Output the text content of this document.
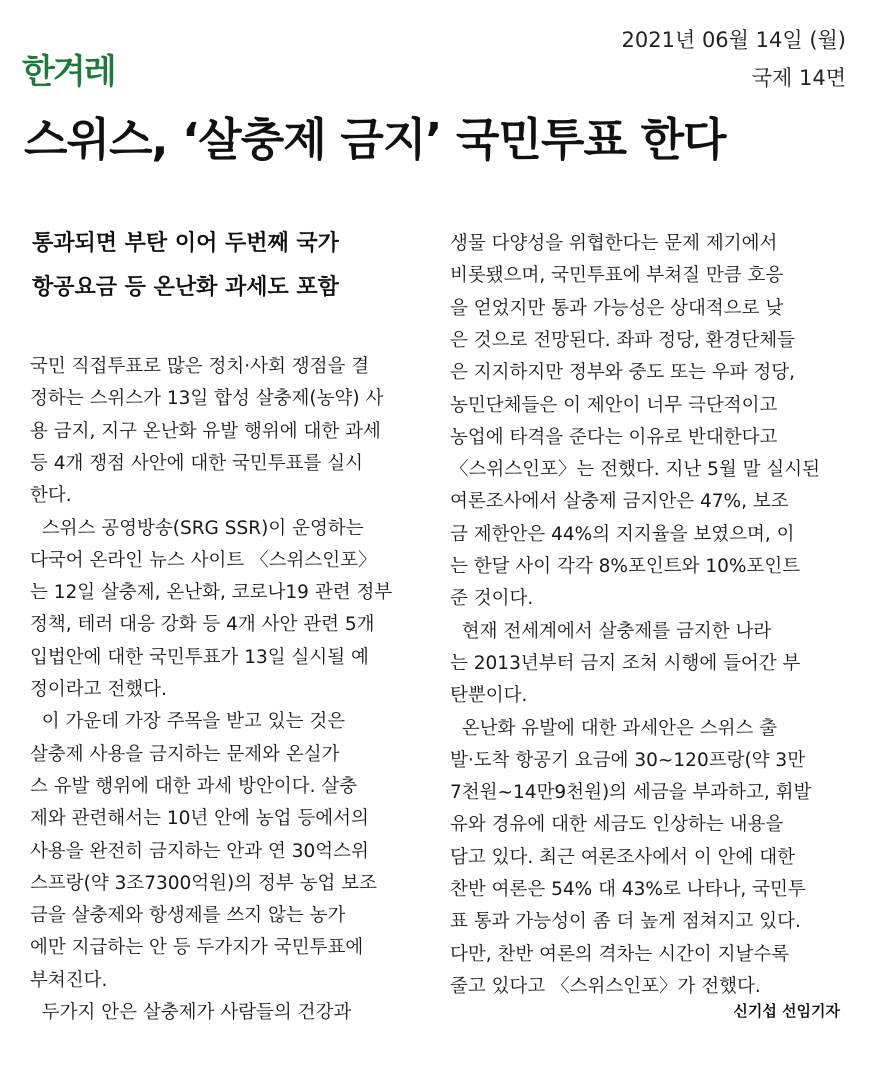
한겨레
2021년 06월 14일 (월)
국제 14면
스위스, ‘살충제 금지’ 국민투표 한다
통과되면 부탄 이어 두번째 국가
항공요금 등 온난화 과세도 포함
국민 직접투표로 많은 정치·사회 쟁점을 결
정하는 스위스가 13일 합성 살충제(농약) 사
용 금지, 지구 온난화 유발 행위에 대한 과세
등 4개 쟁점 사안에 대한 국민투표를 실시
한다.
스위스 공영방송(SRG SSR)이 운영하는
다국어 온라인 뉴스 사이트 〈스위스인포〉
는 12일 살충제, 온난화, 코로나19 관련 정부
정책, 테러 대응 강화 등 4개 사안 관련 5개
입법안에 대한 국민투표가 13일 실시될 예
정이라고 전했다.
이 가운데 가장 주목을 받고 있는 것은
살충제 사용을 금지하는 문제와 온실가
스 유발 행위에 대한 과세 방안이다. 살충
제와 관련해서는 10년 안에 농업 등에서의
사용을 완전히 금지하는 안과 연 30억스위
스프랑(약 3조7300억원)의 정부 농업 보조
금을 살충제와 항생제를 쓰지 않는 농가
에만 지급하는 안 등 두가지가 국민투표에
부쳐진다.
두가지 안은 살충제가 사람들의 건강과
생물 다양성을 위협한다는 문제 제기에서
비롯됐으며, 국민투표에 부쳐질 만큼 호응
을 얻었지만 통과 가능성은 상대적으로 낮
은 것으로 전망된다. 좌파 정당, 환경단체들
은 지지하지만 정부와 중도 또는 우파 정당,
농민단체들은 이 제안이 너무 극단적이고
농업에 타격을 준다는 이유로 반대한다고
〈스위스인포〉는 전했다. 지난 5월 말 실시된
여론조사에서 살충제 금지안은 47%, 보조
금 제한안은 44%의 지지율을 보였으며, 이
는 한달 사이 각각 8%포인트와 10%포인트
준 것이다.
현재 전세계에서 살충제를 금지한 나라
는 2013년부터 금지 조처 시행에 들어간 부
탄뿐이다.
온난화 유발에 대한 과세안은 스위스 출
발·도착 항공기 요금에 30~120프랑(약 3만
7천원~14만9천원)의 세금을 부과하고, 휘발
유와 경유에 대한 세금도 인상하는 내용을
담고 있다. 최근 여론조사에서 이 안에 대한
찬반 여론은 54% 대 43%로 나타나, 국민투
표 통과 가능성이 좀 더 높게 점쳐지고 있다.
다만, 찬반 여론의 격차는 시간이 지날수록
줄고 있다고 〈스위스인포〉가 전했다.
신기섭 선임기자
